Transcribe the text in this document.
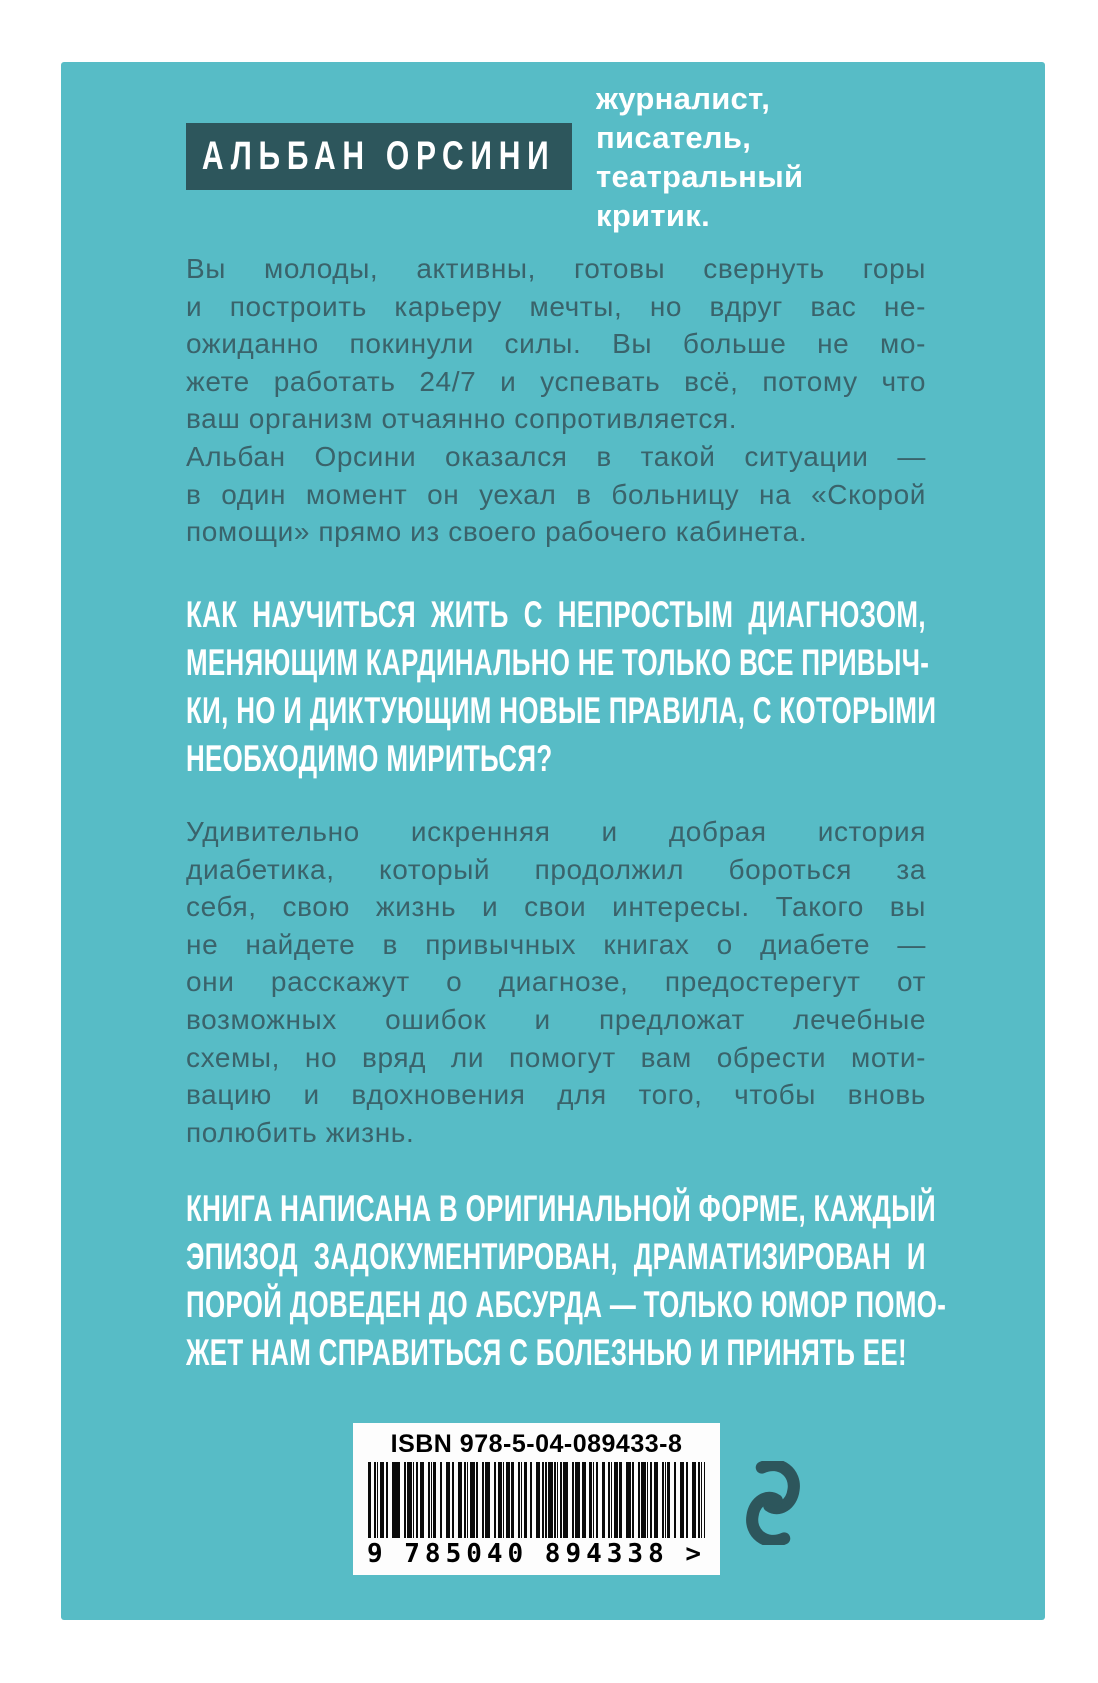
АЛЬБАН ОРСИНИ
журналист, писатель,
театральный критик.
Вы молоды, активны, готовы свернуть горы
и построить карьеру мечты, но вдруг вас не-
ожиданно покинули силы. Вы больше не мо-
жете работать 24/7 и успевать всё, потому что
ваш организм отчаянно сопротивляется.
Альбан Орсини оказался в такой ситуации —
в один момент он уехал в больницу на «Скорой
помощи» прямо из своего рабочего кабинета.
КАК НАУЧИТЬСЯ ЖИТЬ С НЕПРОСТЫМ ДИАГНОЗОМ,
МЕНЯЮЩИМ КАРДИНАЛЬНО НЕ ТОЛЬКО ВСЕ ПРИВЫЧ-
КИ, НО И ДИКТУЮЩИМ НОВЫЕ ПРАВИЛА, С КОТОРЫМИ
НЕОБХОДИМО МИРИТЬСЯ?
Удивительно искренняя и добрая история
диабетика, который продолжил бороться за
себя, свою жизнь и свои интересы. Такого вы
не найдете в привычных книгах о диабете —
они расскажут о диагнозе, предостерегут от
возможных ошибок и предложат лечебные
схемы, но вряд ли помогут вам обрести моти-
вацию и вдохновения для того, чтобы вновь
полюбить жизнь.
КНИГА НАПИСАНА В ОРИГИНАЛЬНОЙ ФОРМЕ, КАЖДЫЙ
ЭПИЗОД ЗАДОКУМЕНТИРОВАН, ДРАМАТИЗИРОВАН И
ПОРОЙ ДОВЕДЕН ДО АБСУРДА — ТОЛЬКО ЮМОР ПОМО-
ЖЕТ НАМ СПРАВИТЬСЯ С БОЛЕЗНЬЮ И ПРИНЯТЬ ЕЕ!
ISBN 978-5-04-089433-8
9 785040 894338 >
